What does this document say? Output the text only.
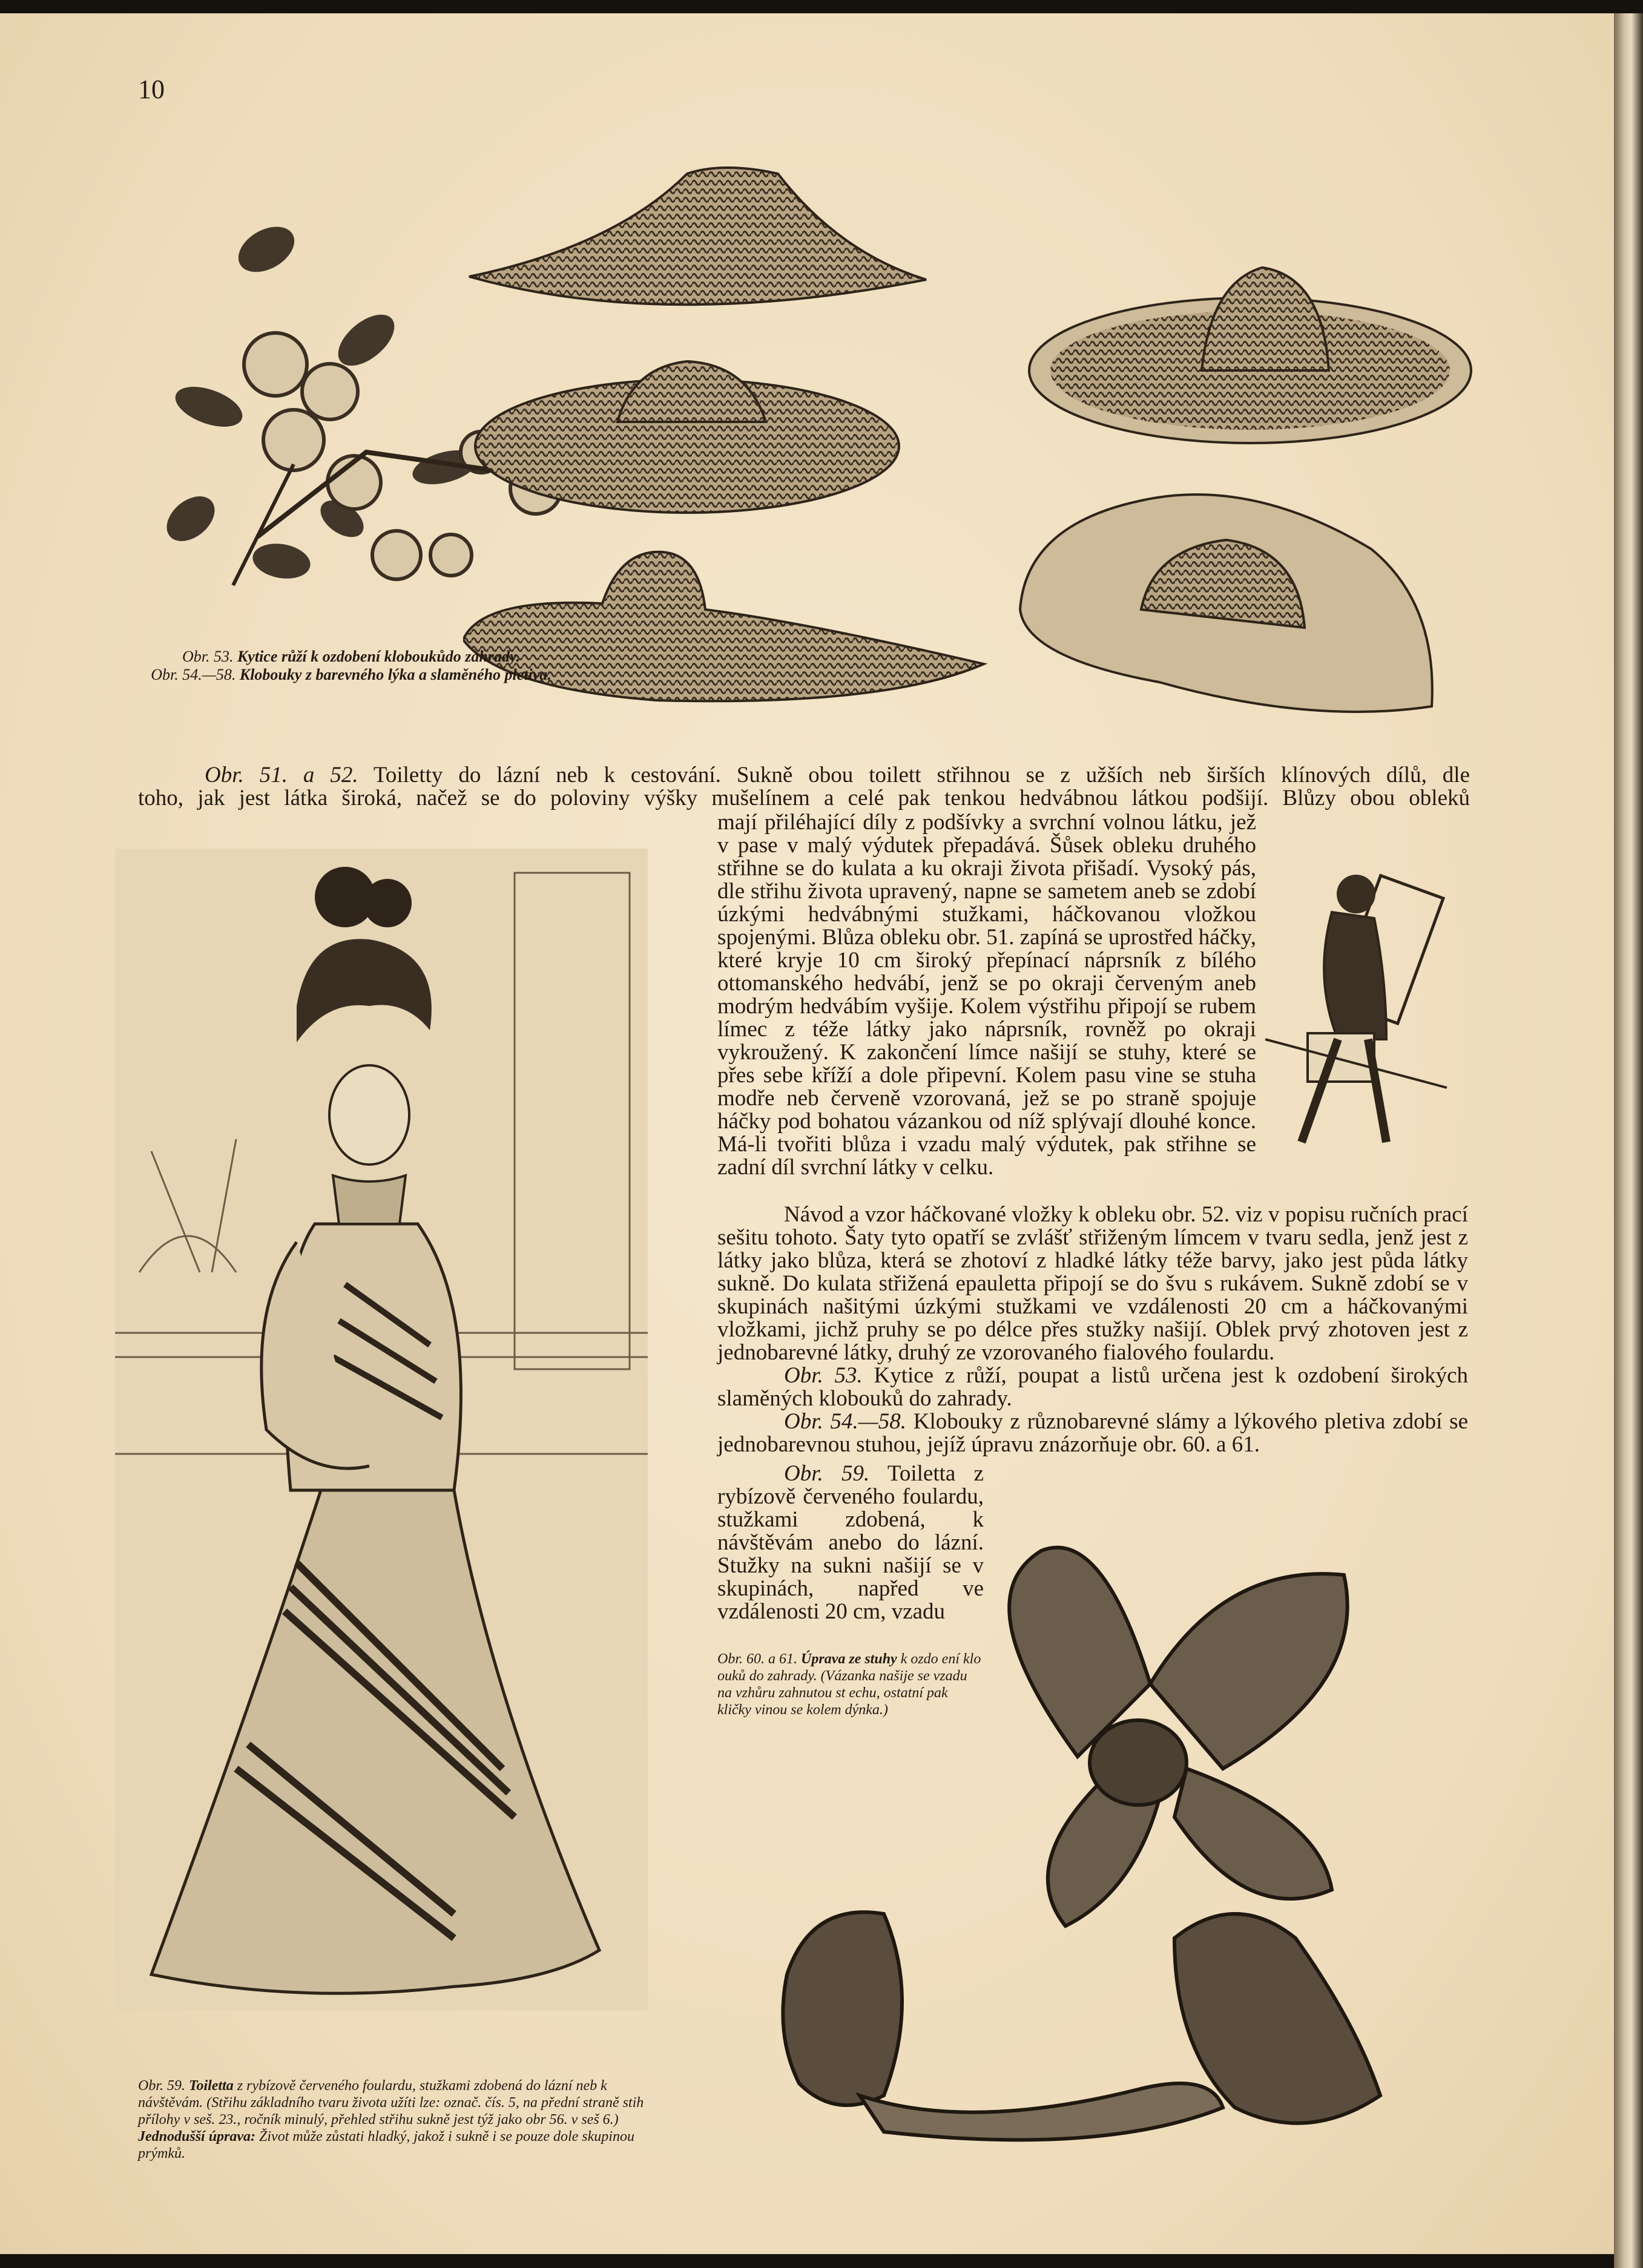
10
Obr. 53. Kytice růží k ozdobení kloboukůdo zahrady.
Obr. 54.—58. Klobouky z barevného lýka a slaměného pletiva.

Obr. 51. a 52. Toiletty do lázní neb k cestování. Sukně obou toilett střihnou se z užších neb širších klínových dílů, dle

toho, jak jest látka široká, načež se do poloviny výšky mušelínem a celé pak tenkou hedvábnou látkou podšijí. Blůzy obou obleků

mají přiléhající díly z podšívky a svrchní volnou látku, jež v pase v malý výdutek přepadává. Šůsek obleku druhého střihne se do kulata a ku okraji života přišadí. Vysoký pás, dle střihu života upravený, napne se sametem aneb se zdobí úzkými hedvábnými stužkami, háčkovanou vložkou spojenými. Blůza obleku obr. 51. zapíná se uprostřed háčky, které kryje 10 cm široký přepínací náprsník z bílého ottomanského hedvábí, jenž se po okraji červeným aneb modrým hedvábím vyšije. Kolem výstřihu připojí se rubem límec z téže látky jako náprsník, rovněž po okraji vykroužený. K zakončení límce našijí se stuhy, které se přes sebe kříží a dole připevní. Kolem pasu vine se stuha modře neb červeně vzorovaná, jež se po straně spojuje háčky pod bohatou vázankou od níž splývají dlouhé konce. Má-li tvořiti blůza i vzadu malý výdutek, pak střihne se zadní díl svrchní látky v celku.

Návod a vzor háčkované vložky k obleku obr. 52. viz v popisu ručních prací sešitu tohoto. Šaty tyto opatří se zvlášť střiženým límcem v tvaru sedla, jenž jest z látky jako blůza, která se zhotoví z hladké látky téže barvy, jako jest půda látky sukně. Do kulata střižená epauletta připojí se do švu s rukávem. Sukně zdobí se v skupinách našitými úzkými stužkami ve vzdálenosti 20 cm a háčkovanými vložkami, jichž pruhy se po délce přes stužky našijí. Oblek prvý zhotoven jest z jednobarevné látky, druhý ze vzorovaného fialového foulardu.

Obr. 53. Kytice z růží, poupat a listů určena jest k ozdobení širokých slaměných klobouků do zahrady.

Obr. 54.—58. Klobouky z různobarevné slámy a lýkového pletiva zdobí se jednobarevnou stuhou, jejíž úpravu znázorňuje obr. 60. a 61.

Obr. 59. Toiletta z rybízově červeného foulardu, stužkami zdobená, k návštěvám anebo do lázní. Stužky na sukni našijí se v skupinách, napřed ve vzdálenosti 20 cm, vzadu

Obr. 60. a 61. Úprava ze stuhy k ozdo ení klo ouků do zahrady. (Vázanka našije se vzadu na vzhůru zahnutou st echu, ostatní pak kličky vinou se kolem dýnka.)
Obr. 59. Toiletta z rybízově červeného foulardu, stužkami zdobená do lázní neb k návštěvám. (Střihu základního tvaru života užíti lze: označ. čís. 5, na přední straně stih přílohy v seš. 23., ročník minulý, přehled střihu sukně jest týž jako obr 56. v seš 6.) Jednodušší úprava: Život může zůstati hladký, jakož i sukně i se pouze dole skupinou prýmků.
